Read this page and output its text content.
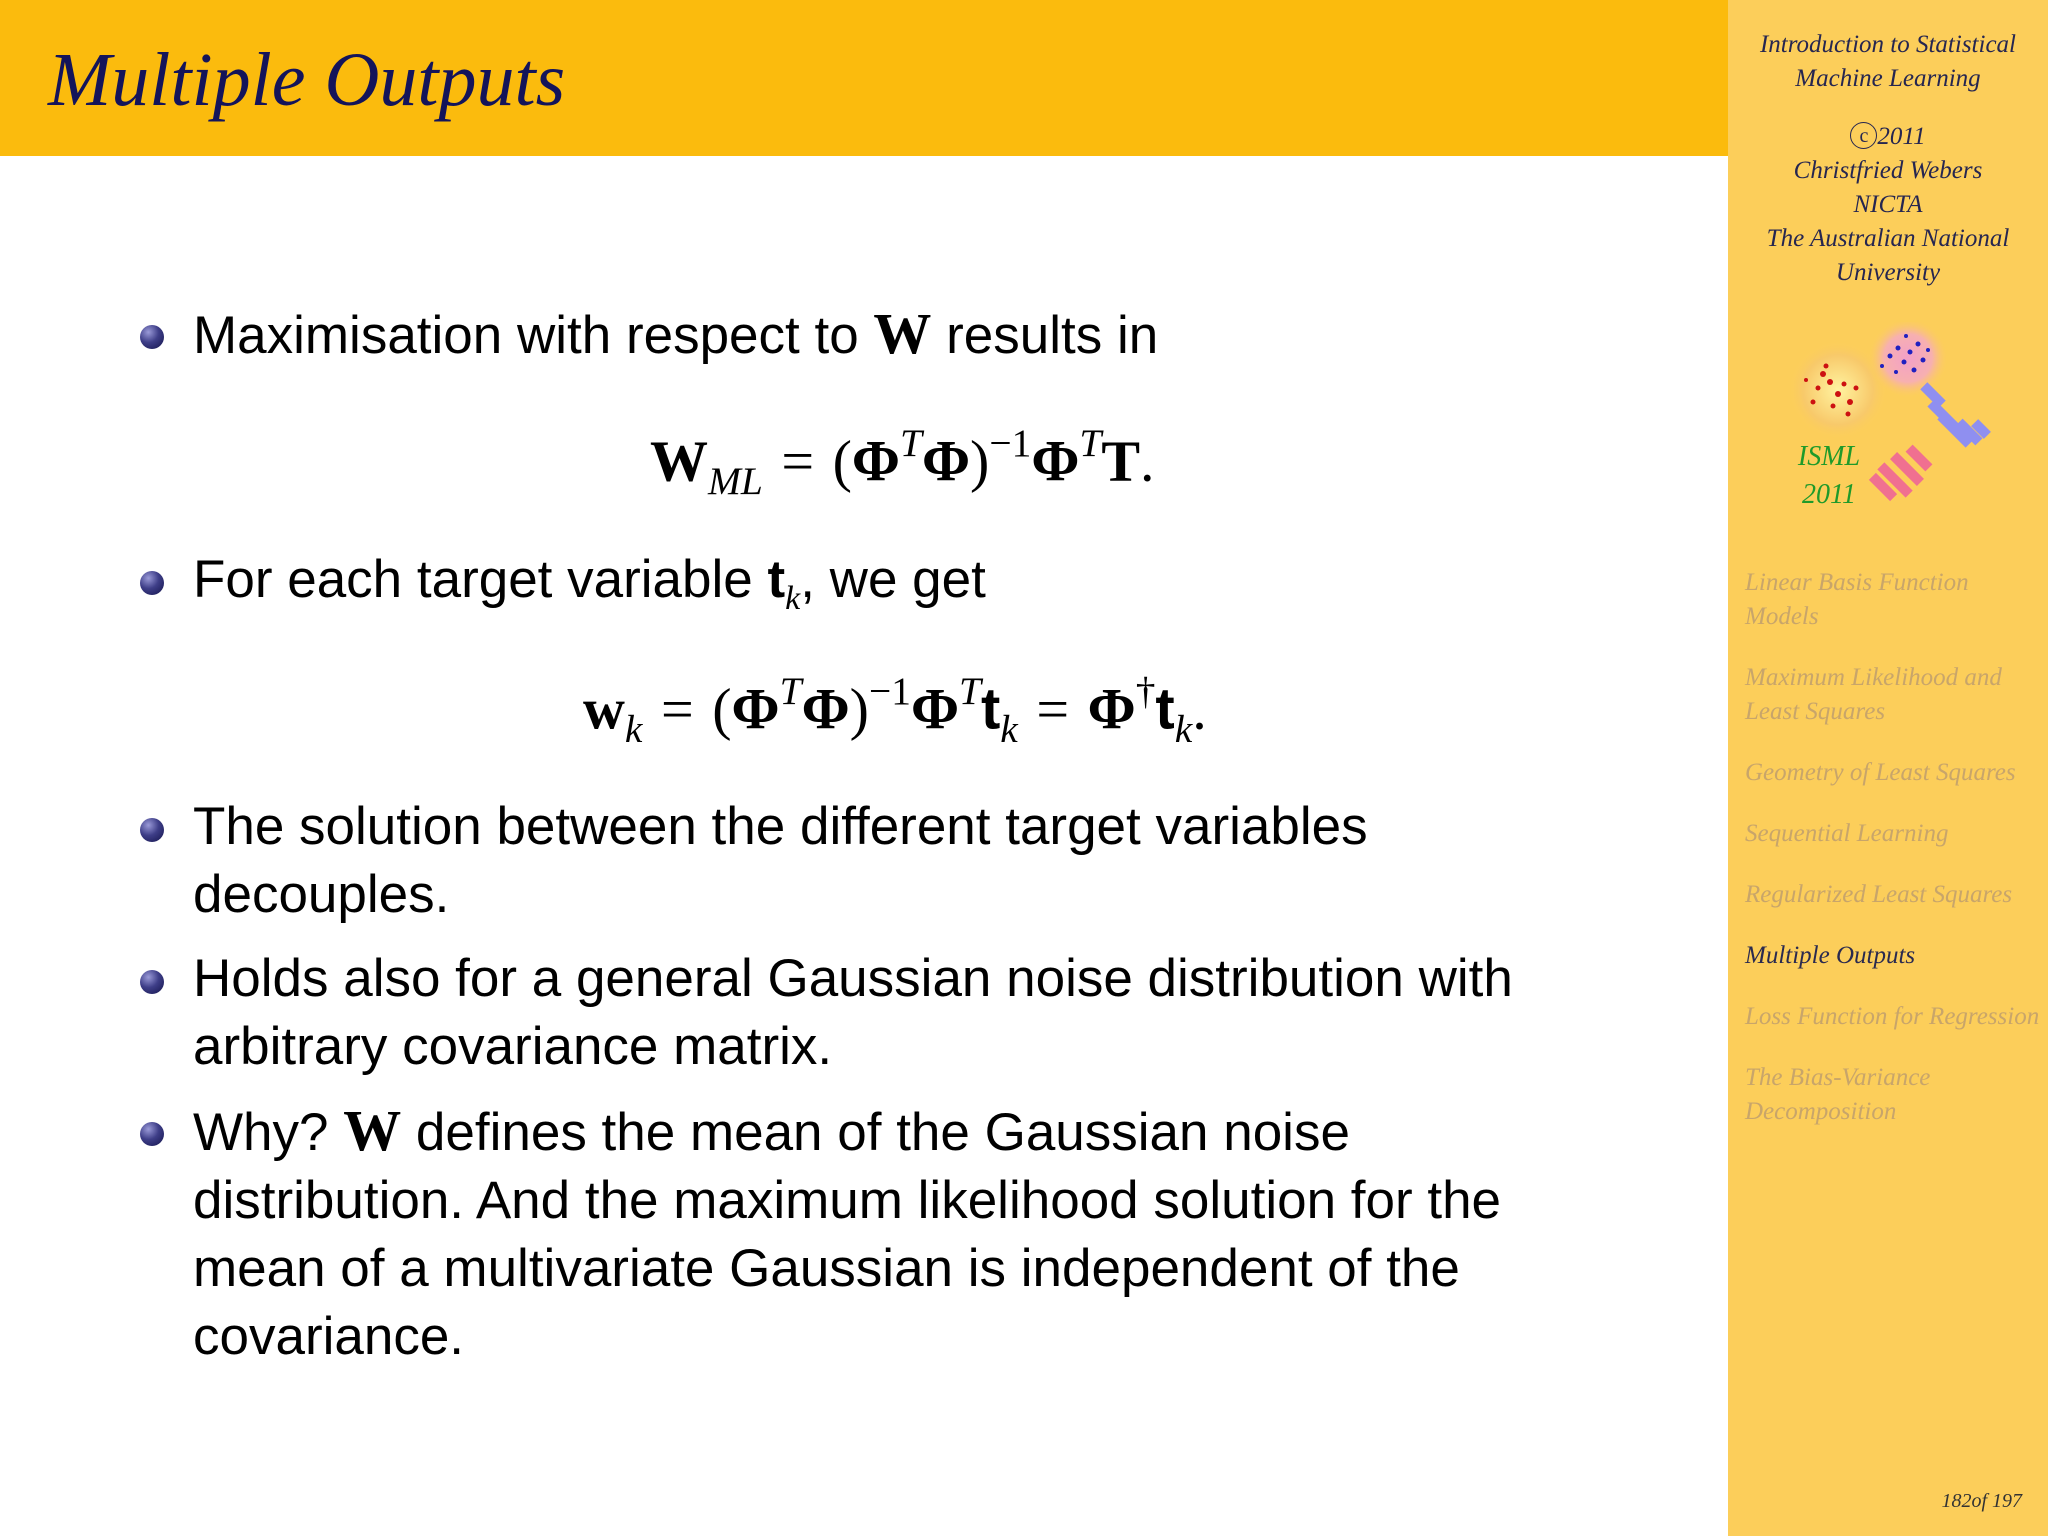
Multiple Outputs	Introduction to Statistical Machine Learning
c 2011
Christfried Webers
NICTA
The Australian National University
ISML
2011
Linear Basis Function Models
Maximum Likelihood and Least Squares
Geometry of Least Squares
Sequential Learning
Regularized Least Squares
Multiple Outputs
Loss Function for Regression
The Bias-Variance Decomposition
182of 197

Maximisation with respect to W results in

$W_{ML} = (\Phi^T\Phi)^{-1}\Phi^TT$.

For each target variable $t_k$, we get

$w_k = (\Phi^T\Phi)^{-1}\Phi^Tt_k = \Phi^\dagger t_k$.

The solution between the different target variables
decouples.

Holds also for a general Gaussian noise distribution with
arbitrary covariance matrix.

Why? W defines the mean of the Gaussian noise
distribution. And the maximum likelihood solution for the
mean of a multivariate Gaussian is independent of the
covariance.
